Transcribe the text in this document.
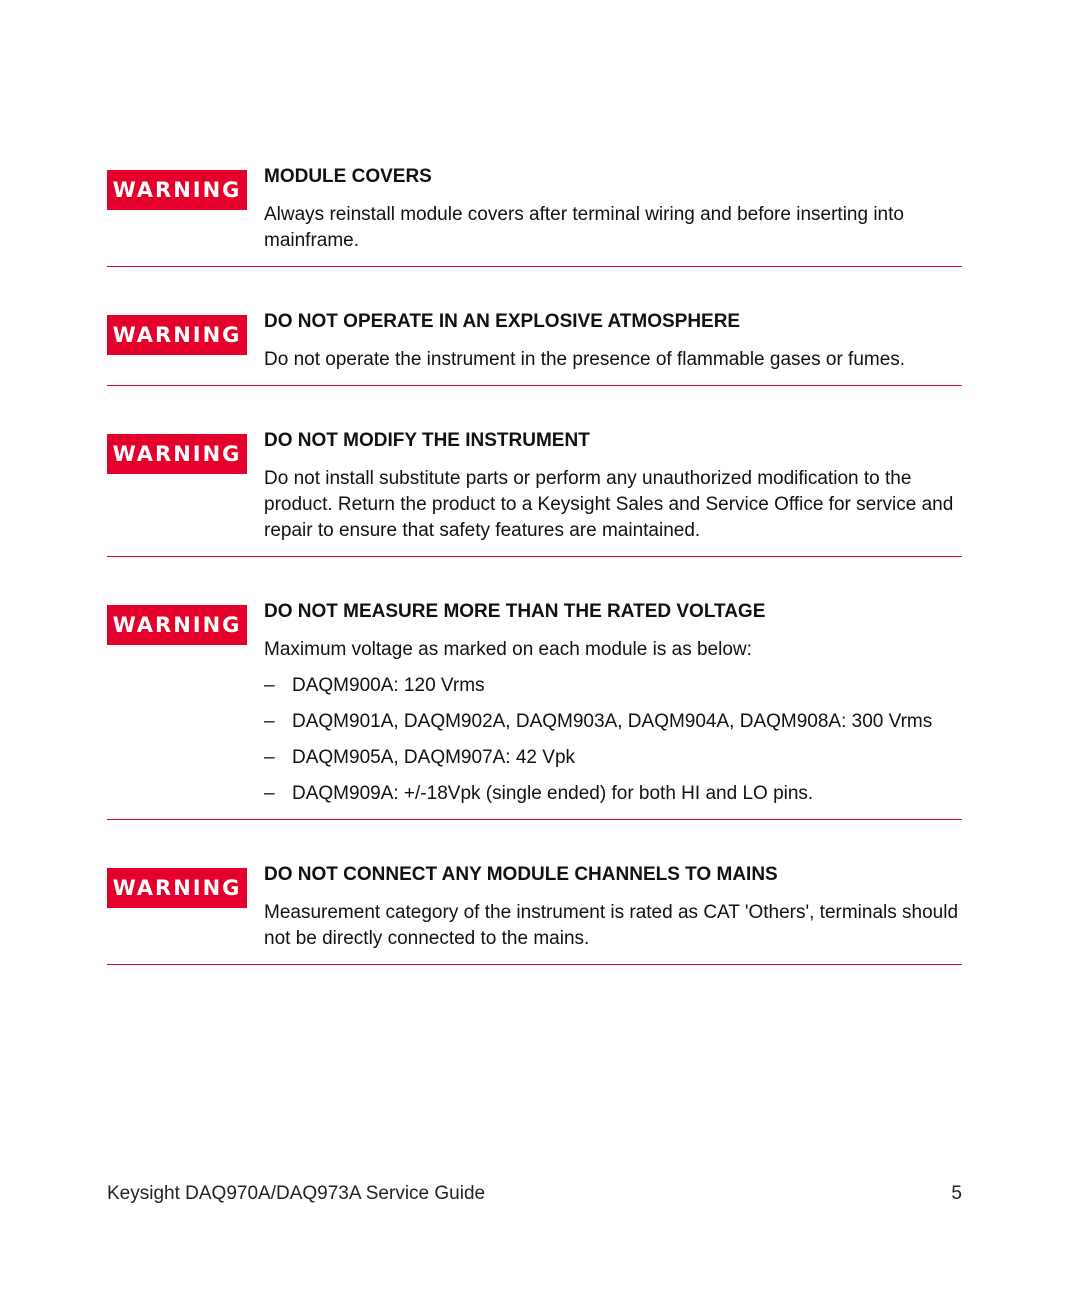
WARNING
MODULE COVERS

Always reinstall module covers after terminal wiring and before inserting into mainframe.

WARNING
DO NOT OPERATE IN AN EXPLOSIVE ATMOSPHERE

Do not operate the instrument in the presence of flammable gases or fumes.

WARNING
DO NOT MODIFY THE INSTRUMENT

Do not install substitute parts or perform any unauthorized modification to the product. Return the product to a Keysight Sales and Service Office for service and repair to ensure that safety features are maintained.

WARNING
DO NOT MEASURE MORE THAN THE RATED VOLTAGE

Maximum voltage as marked on each module is as below:

– DAQM900A: 120 Vrms
– DAQM901A, DAQM902A, DAQM903A, DAQM904A, DAQM908A: 300 Vrms
– DAQM905A, DAQM907A: 42 Vpk
– DAQM909A: +/-18Vpk (single ended) for both HI and LO pins.
WARNING
DO NOT CONNECT ANY MODULE CHANNELS TO MAINS

Measurement category of the instrument is rated as CAT 'Others', terminals should not be directly connected to the mains.

Keysight DAQ970A/DAQ973A Service Guide	5
